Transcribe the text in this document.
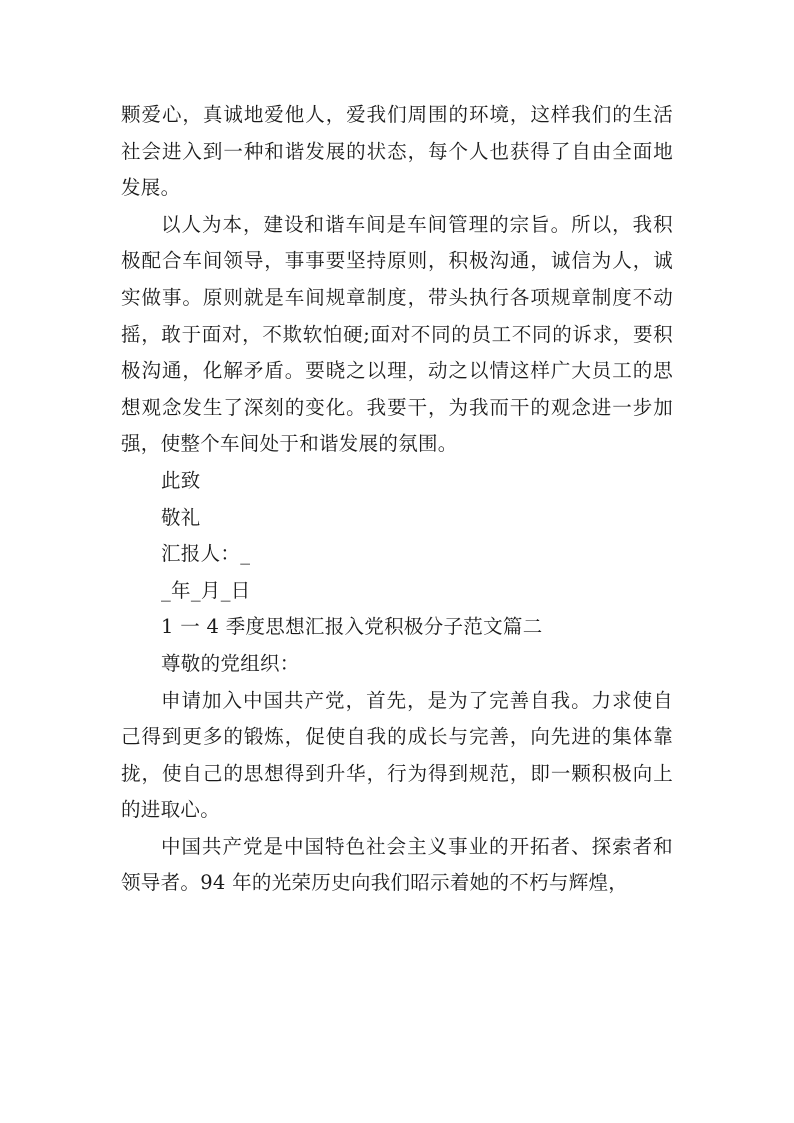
颗爱心，真诚地爱他人，爱我们周围的环境，这样我们的生活社会进入到一种和谐发展的状态，每个人也获得了自由全面地发展。

以人为本，建设和谐车间是车间管理的宗旨。所以，我积极配合车间领导，事事要坚持原则，积极沟通，诚信为人，诚实做事。原则就是车间规章制度，带头执行各项规章制度不动摇，敢于面对，不欺软怕硬;面对不同的员工不同的诉求，要积极沟通，化解矛盾。要晓之以理，动之以情这样广大员工的思想观念发生了深刻的变化。我要干，为我而干的观念进一步加强，使整个车间处于和谐发展的氛围。

此致

敬礼

汇报人：_

_年_月_日

1 一 4 季度思想汇报入党积极分子范文篇二

尊敬的党组织：

申请加入中国共产党，首先，是为了完善自我。力求使自己得到更多的锻炼，促使自我的成长与完善，向先进的集体靠拢，使自己的思想得到升华，行为得到规范，即一颗积极向上的进取心。

中国共产党是中国特色社会主义事业的开拓者、探索者和领导者。94 年的光荣历史向我们昭示着她的不朽与辉煌，
